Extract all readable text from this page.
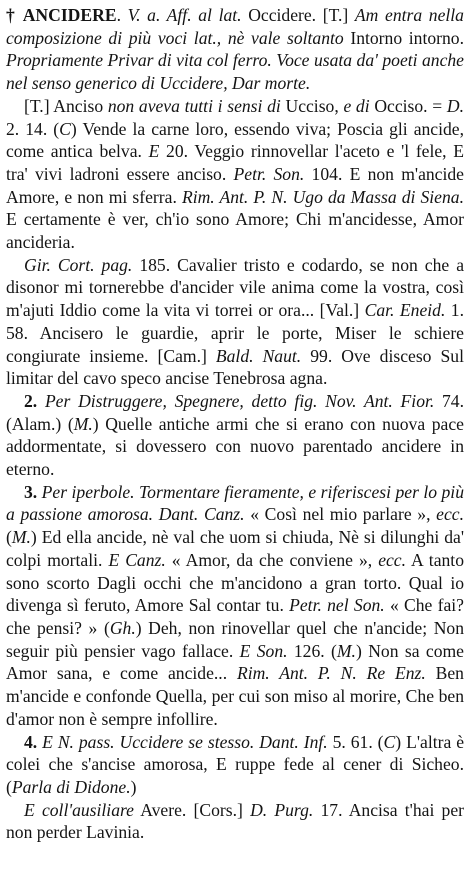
† ANCIDERE. V. a. Aff. al lat. Occidere. [T.] Am entra nella composizione di più voci lat., nè vale soltanto Intorno intorno. Propriamente Privar di vita col ferro. Voce usata da' poeti anche nel senso generico di Uccidere, Dar morte.

[T.] Anciso non aveva tutti i sensi di Ucciso, e di Occiso. = D. 2. 14. (C) Vende la carne loro, essendo viva; Poscia gli ancide, come antica belva. E 20. Veggio rinnovellar l'aceto e 'l fele, E tra' vivi ladroni essere anciso. Petr. Son. 104. E non m'ancide Amore, e non mi sferra. Rim. Ant. P. N. Ugo da Massa di Siena. E certamente è ver, ch'io sono Amore; Chi m'ancidesse, Amor ancideria.

Gir. Cort. pag. 185. Cavalier tristo e codardo, se non che a disonor mi tornerebbe d'ancider vile anima come la vostra, così m'ajuti Iddio come la vita vi torrei or ora... [Val.] Car. Eneid. 1. 58. Ancisero le guardie, aprir le porte, Miser le schiere congiurate insieme. [Cam.] Bald. Naut. 99. Ove disceso Sul limitar del cavo speco ancise Tenebrosa agna.

2. Per Distruggere, Spegnere, detto fig. Nov. Ant. Fior. 74. (Alam.) (M.) Quelle antiche armi che si erano con nuova pace addormentate, si dovessero con nuovo parentado ancidere in eterno.

3. Per iperbole. Tormentare fieramente, e riferiscesi per lo più a passione amorosa. Dant. Canz. « Così nel mio parlare », ecc. (M.) Ed ella ancide, nè val che uom si chiuda, Nè si dilunghi da' colpi mortali. E Canz. « Amor, da che conviene », ecc. A tanto sono scorto Dagli occhi che m'ancidono a gran torto. Qual io divenga sì feruto, Amore Sal contar tu. Petr. nel Son. « Che fai? che pensi? » (Gh.) Deh, non rinovellar quel che n'ancide; Non seguir più pensier vago fallace. E Son. 126. (M.) Non sa come Amor sana, e come ancide... Rim. Ant. P. N. Re Enz. Ben m'ancide e confonde Quella, per cui son miso al morire, Che ben d'amor non è sempre infollire.

4. E N. pass. Uccidere se stesso. Dant. Inf. 5. 61. (C) L'altra è colei che s'ancise amorosa, E ruppe fede al cener di Sicheo. (Parla di Didone.)

E coll'ausiliare Avere. [Cors.] D. Purg. 17. Ancisa t'hai per non perder Lavinia.
